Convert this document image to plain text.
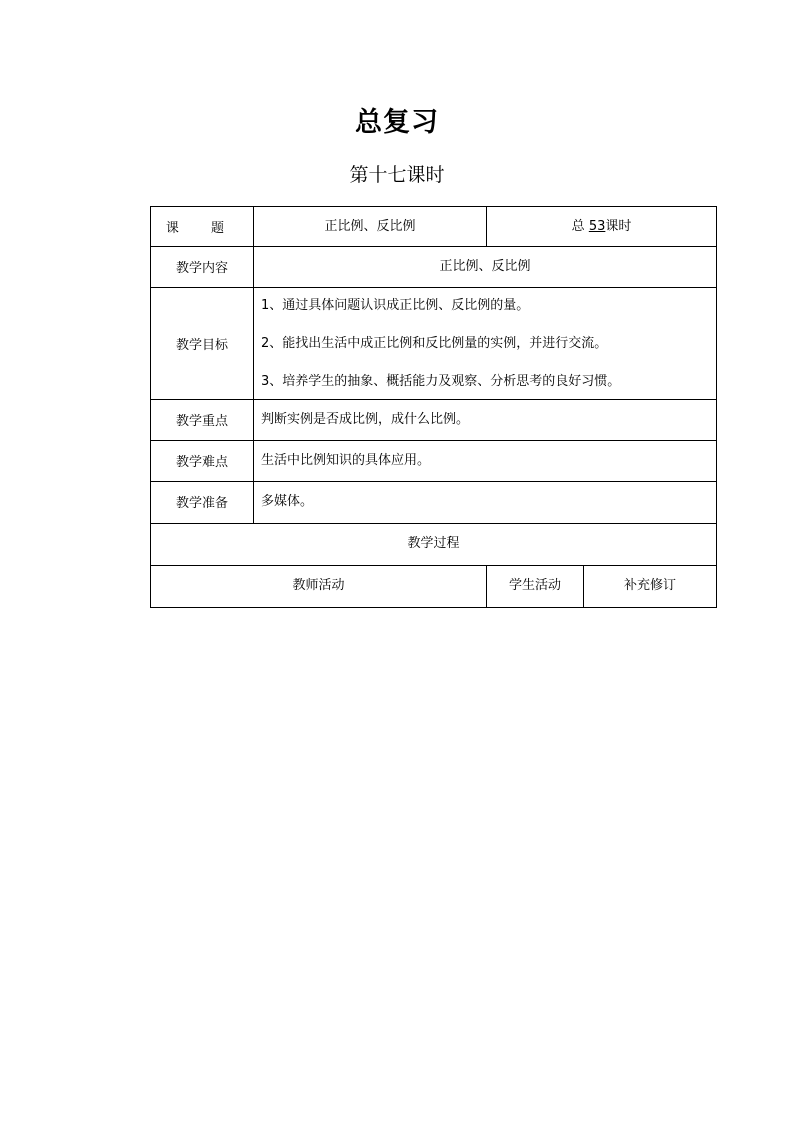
总复习
第十七课时
课 题	正比例、反比例	总 53课时	
教学内容	正比例、反比例		
教学目标	1、通过具体问题认识成正比例、反比例的量。
2、能找出生活中成正比例和反比例量的实例，并进行交流。
3、培养学生的抽象、概括能力及观察、分析思考的良好习惯。		

教学重点	判断实例是否成比例，成什么比例。		
教学难点	生活中比例知识的具体应用。		
教学准备	多媒体。		
教学过程			
教师活动		学生活动	补充修订
